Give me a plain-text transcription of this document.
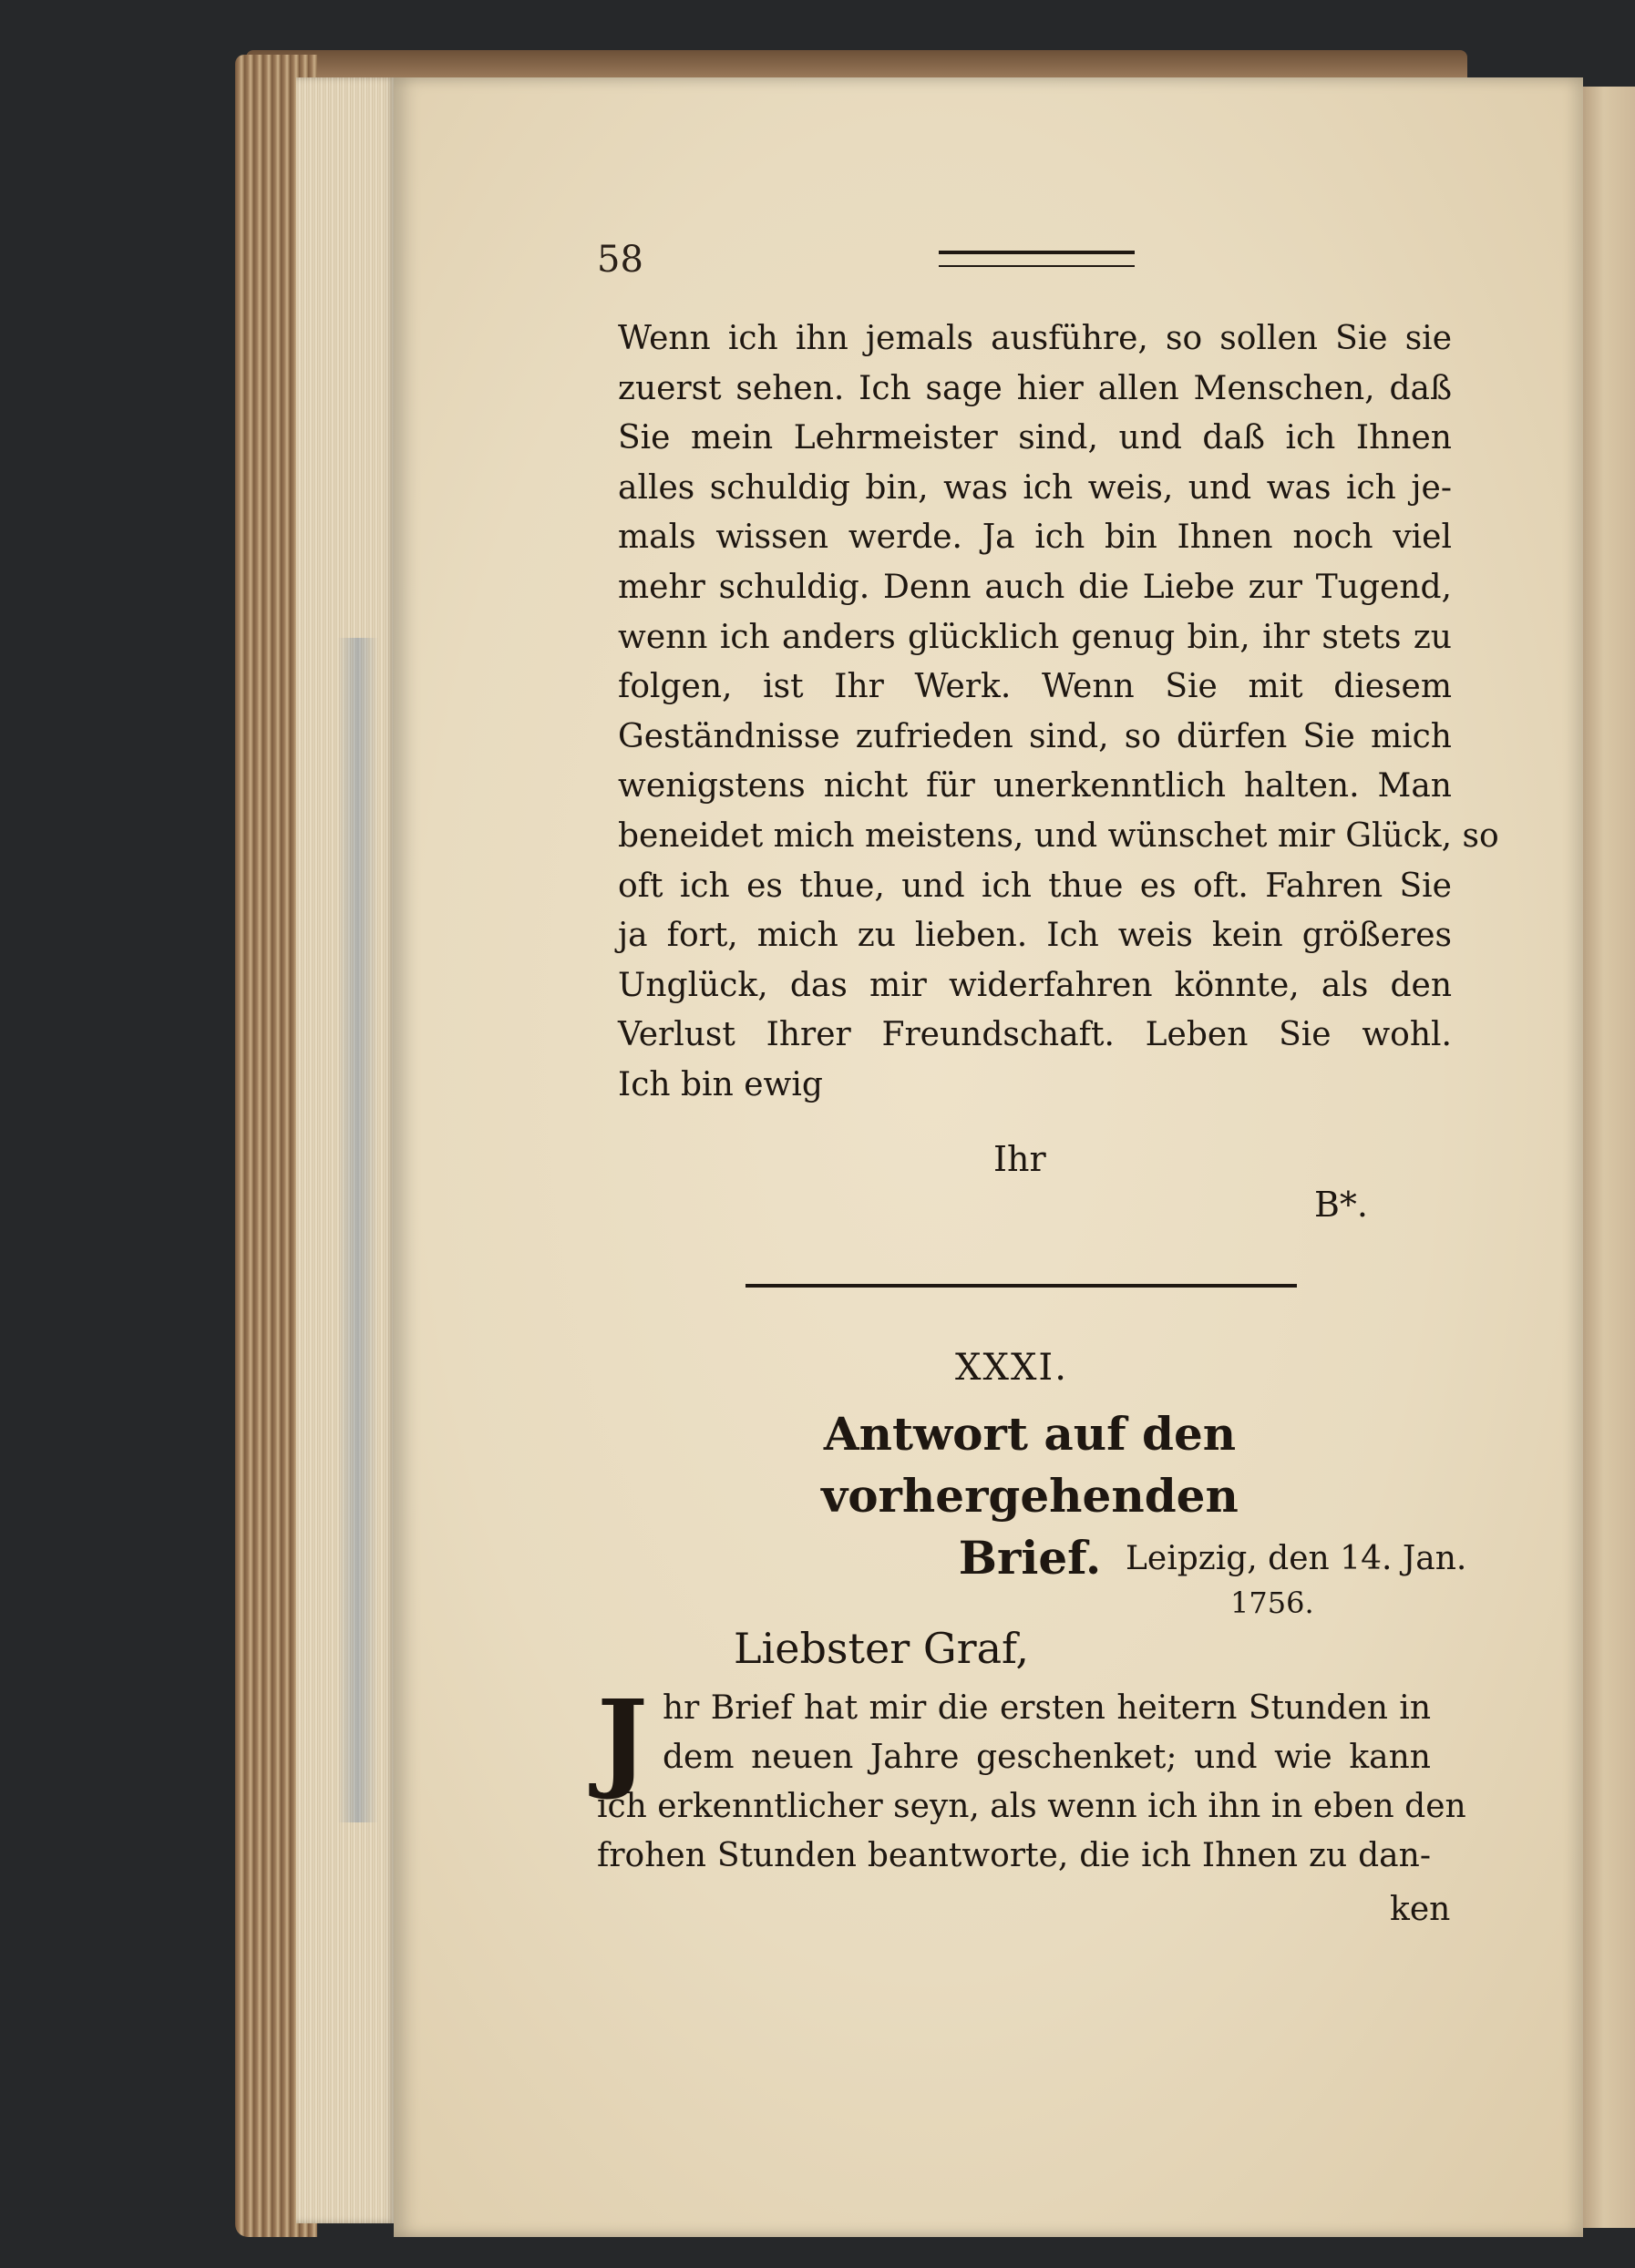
58
Wenn ich ihn jemals ausführe, so sollen Sie sie
zuerst sehen. Ich sage hier allen Menschen, daß
Sie mein Lehrmeister sind, und daß ich Ihnen
alles schuldig bin, was ich weis, und was ich je-
mals wissen werde. Ja ich bin Ihnen noch viel
mehr schuldig. Denn auch die Liebe zur Tugend,
wenn ich anders glücklich genug bin, ihr stets zu
folgen, ist Ihr Werk. Wenn Sie mit diesem
Geständnisse zufrieden sind, so dürfen Sie mich
wenigstens nicht für unerkenntlich halten. Man
beneidet mich meistens, und wünschet mir Glück, so
oft ich es thue, und ich thue es oft. Fahren Sie
ja fort, mich zu lieben. Ich weis kein größeres
Unglück, das mir widerfahren könnte, als den
Verlust Ihrer Freundschaft. Leben Sie wohl.
Ich bin ewig
Ihr
B*.
XXXI.
Antwort auf den vorhergehenden
Brief. Leipzig, den 14. Jan.
1756.
Liebster Graf,
J hr Brief hat mir die ersten heitern Stunden in
dem neuen Jahre geschenket; und wie kann
ich erkenntlicher seyn, als wenn ich ihn in eben den
frohen Stunden beantworte, die ich Ihnen zu dan-
ken
